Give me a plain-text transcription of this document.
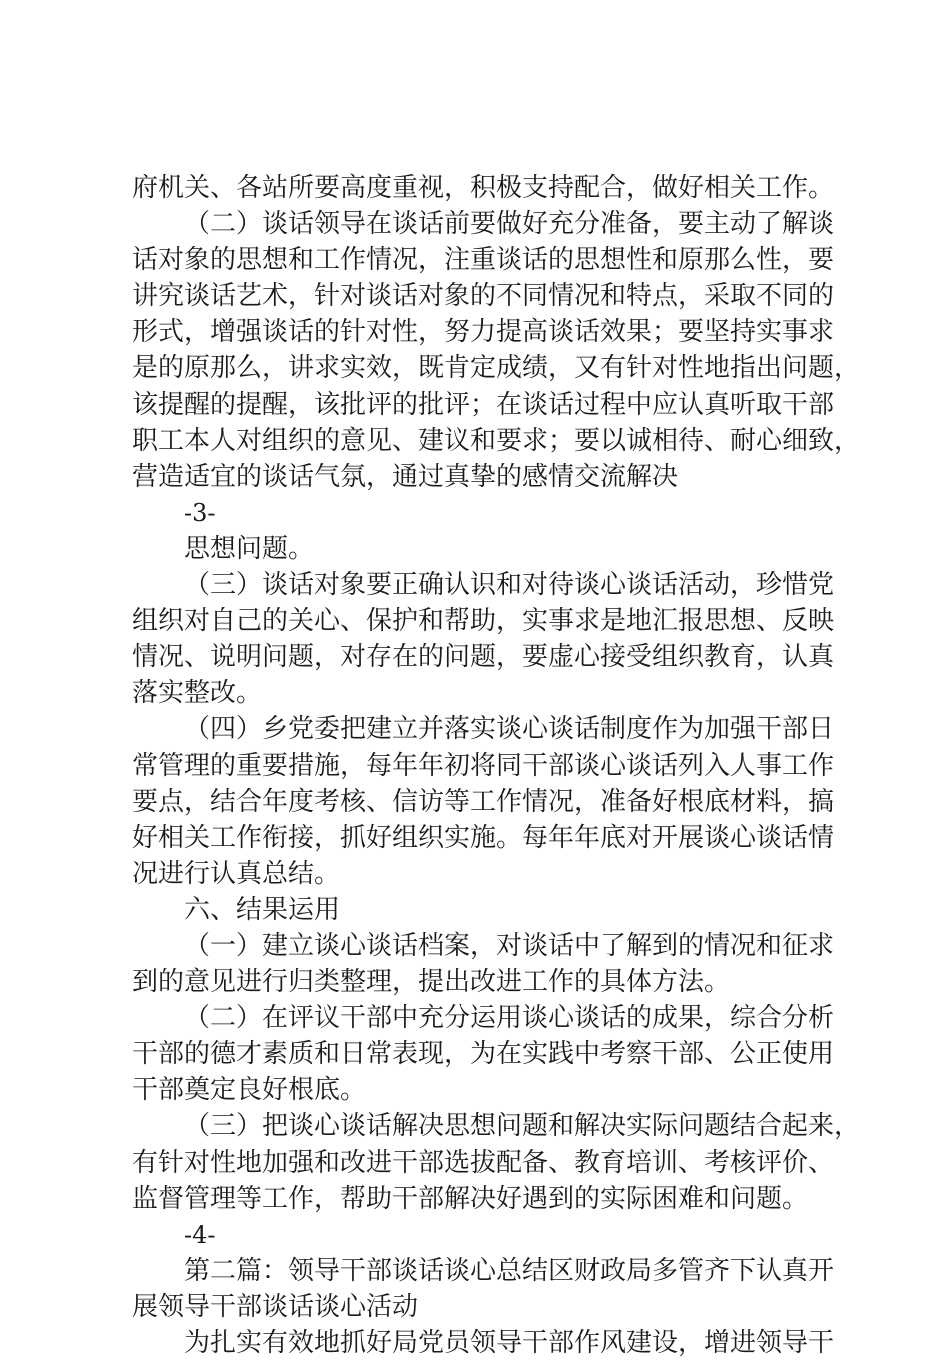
府机关、各站所要高度重视，积极支持配合，做好相关工作。
（二）谈话领导在谈话前要做好充分准备，要主动了解谈
话对象的思想和工作情况，注重谈话的思想性和原那么性，要
讲究谈话艺术，针对谈话对象的不同情况和特点，采取不同的
形式，增强谈话的针对性，努力提高谈话效果；要坚持实事求
是的原那么，讲求实效，既肯定成绩，又有针对性地指出问题，
该提醒的提醒，该批评的批评；在谈话过程中应认真听取干部
职工本人对组织的意见、建议和要求；要以诚相待、耐心细致，
营造适宜的谈话气氛，通过真挚的感情交流解决
-3-
思想问题。
（三）谈话对象要正确认识和对待谈心谈话活动，珍惜党
组织对自己的关心、保护和帮助，实事求是地汇报思想、反映
情况、说明问题，对存在的问题，要虚心接受组织教育，认真
落实整改。
（四）乡党委把建立并落实谈心谈话制度作为加强干部日
常管理的重要措施，每年年初将同干部谈心谈话列入人事工作
要点，结合年度考核、信访等工作情况，准备好根底材料，搞
好相关工作衔接，抓好组织实施。每年年底对开展谈心谈话情
况进行认真总结。
六、结果运用
（一）建立谈心谈话档案，对谈话中了解到的情况和征求
到的意见进行归类整理，提出改进工作的具体方法。
（二）在评议干部中充分运用谈心谈话的成果，综合分析
干部的德才素质和日常表现，为在实践中考察干部、公正使用
干部奠定良好根底。
（三）把谈心谈话解决思想问题和解决实际问题结合起来，
有针对性地加强和改进干部选拔配备、教育培训、考核评价、
监督管理等工作，帮助干部解决好遇到的实际困难和问题。
-4-
第二篇：领导干部谈话谈心总结区财政局多管齐下认真开
展领导干部谈话谈心活动
为扎实有效地抓好局党员领导干部作风建设，增进领导干
